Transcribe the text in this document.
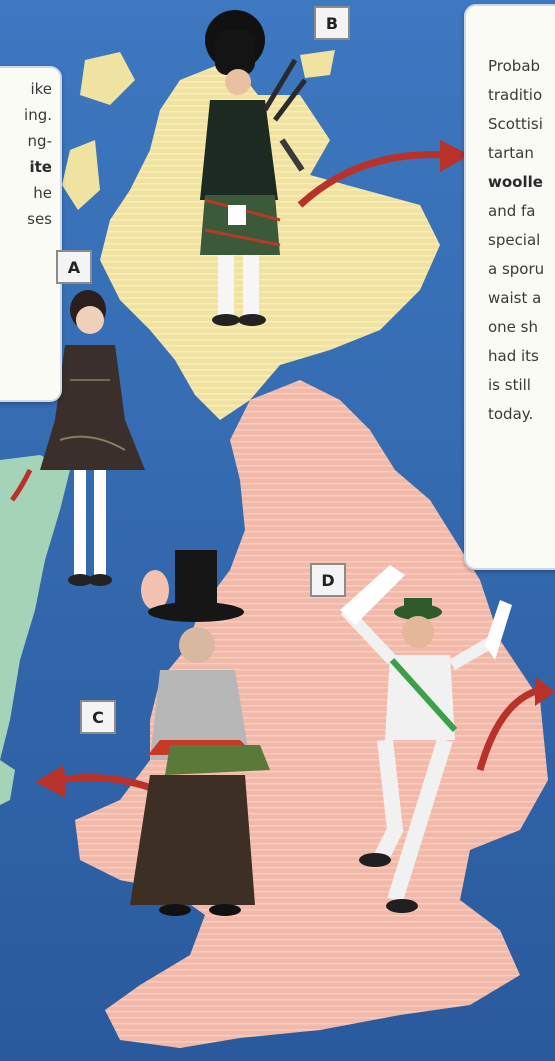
ike
ing.
ng-
ite
he
ses
Probab
traditio
Scottisi
tartan
woolle
and fa
special
a sporu
waist a
one sh
had its
is still
today.
A
B
C
D
